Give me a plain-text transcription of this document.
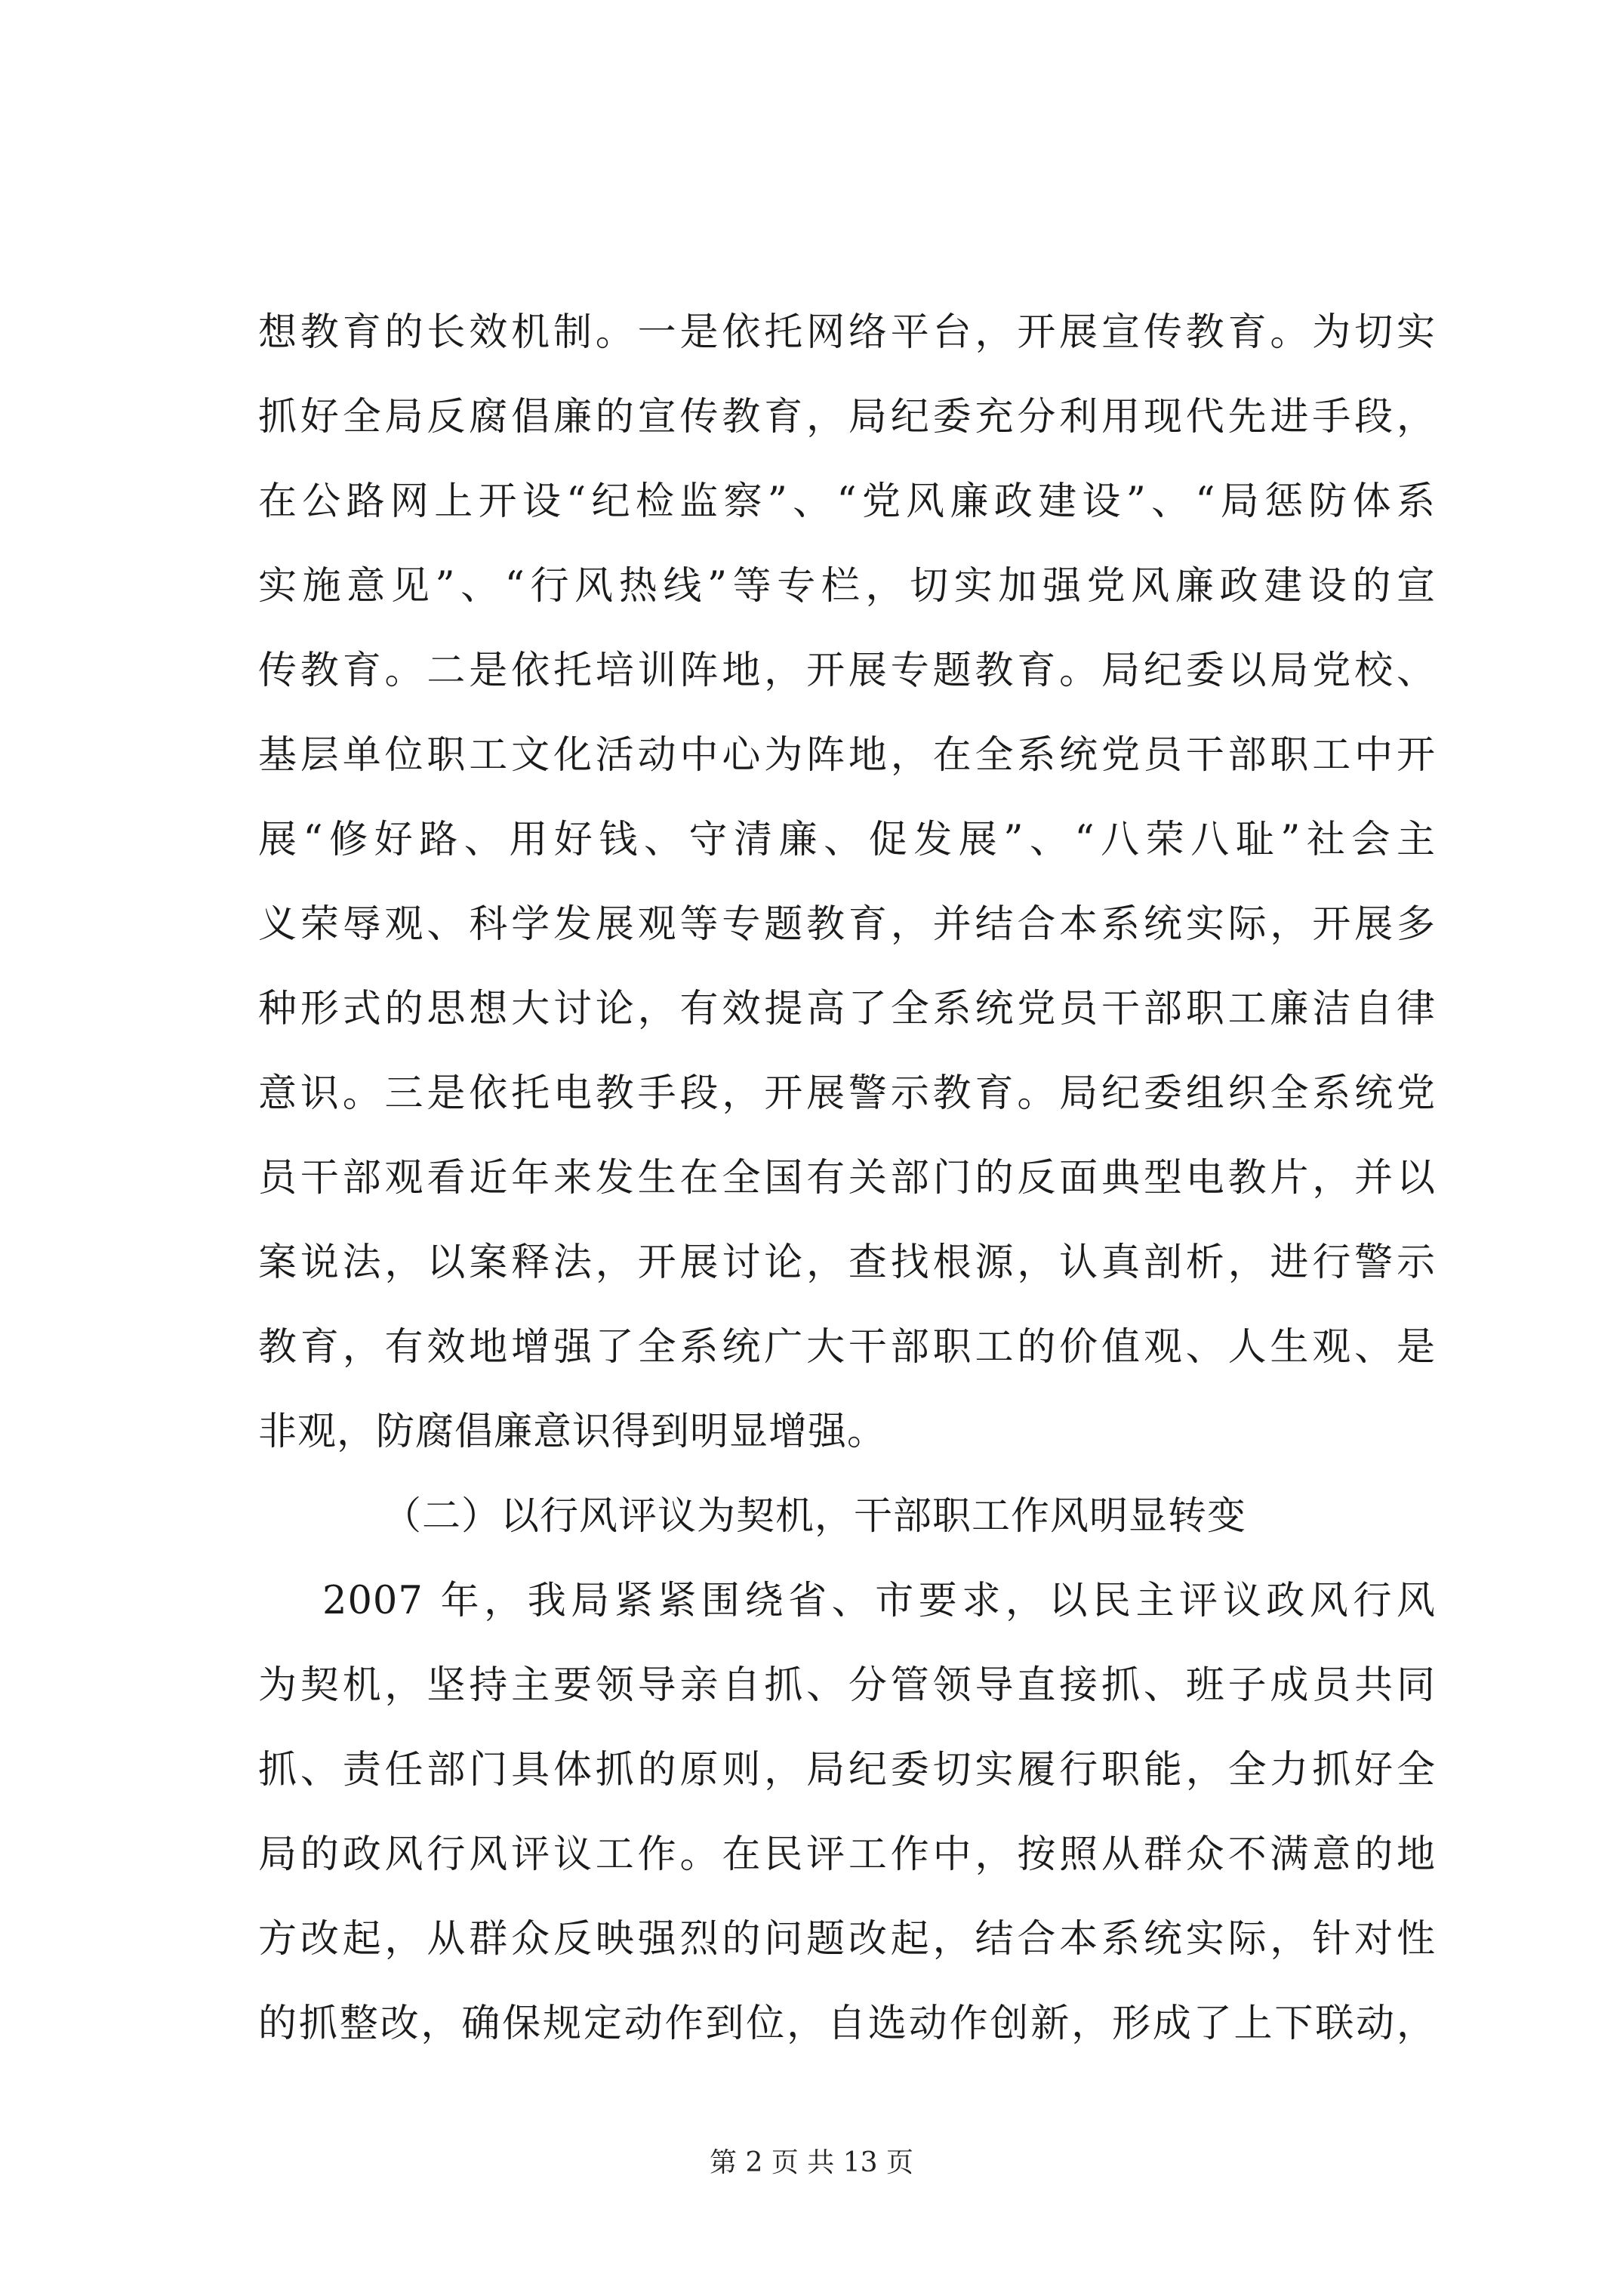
想教育的长效机制。一是依托网络平台，开展宣传教育。为切实
抓好全局反腐倡廉的宣传教育，局纪委充分利用现代先进手段，
在公路网上开设“纪检监察”、“党风廉政建设”、“局惩防体系
实施意见”、“行风热线”等专栏，切实加强党风廉政建设的宣
传教育。二是依托培训阵地，开展专题教育。局纪委以局党校、
基层单位职工文化活动中心为阵地，在全系统党员干部职工中开
展“修好路、用好钱、守清廉、促发展”、“八荣八耻”社会主
义荣辱观、科学发展观等专题教育，并结合本系统实际，开展多
种形式的思想大讨论，有效提高了全系统党员干部职工廉洁自律
意识。三是依托电教手段，开展警示教育。局纪委组织全系统党
员干部观看近年来发生在全国有关部门的反面典型电教片，并以
案说法，以案释法，开展讨论，查找根源，认真剖析，进行警示
教育，有效地增强了全系统广大干部职工的价值观、人生观、是
非观，防腐倡廉意识得到明显增强。
（二）以行风评议为契机，干部职工作风明显转变
2007 年，我局紧紧围绕省、市要求，以民主评议政风行风
为契机，坚持主要领导亲自抓、分管领导直接抓、班子成员共同
抓、责任部门具体抓的原则，局纪委切实履行职能，全力抓好全
局的政风行风评议工作。在民评工作中，按照从群众不满意的地
方改起，从群众反映强烈的问题改起，结合本系统实际，针对性
的抓整改，确保规定动作到位，自选动作创新，形成了上下联动，
第 2 页 共 13 页
